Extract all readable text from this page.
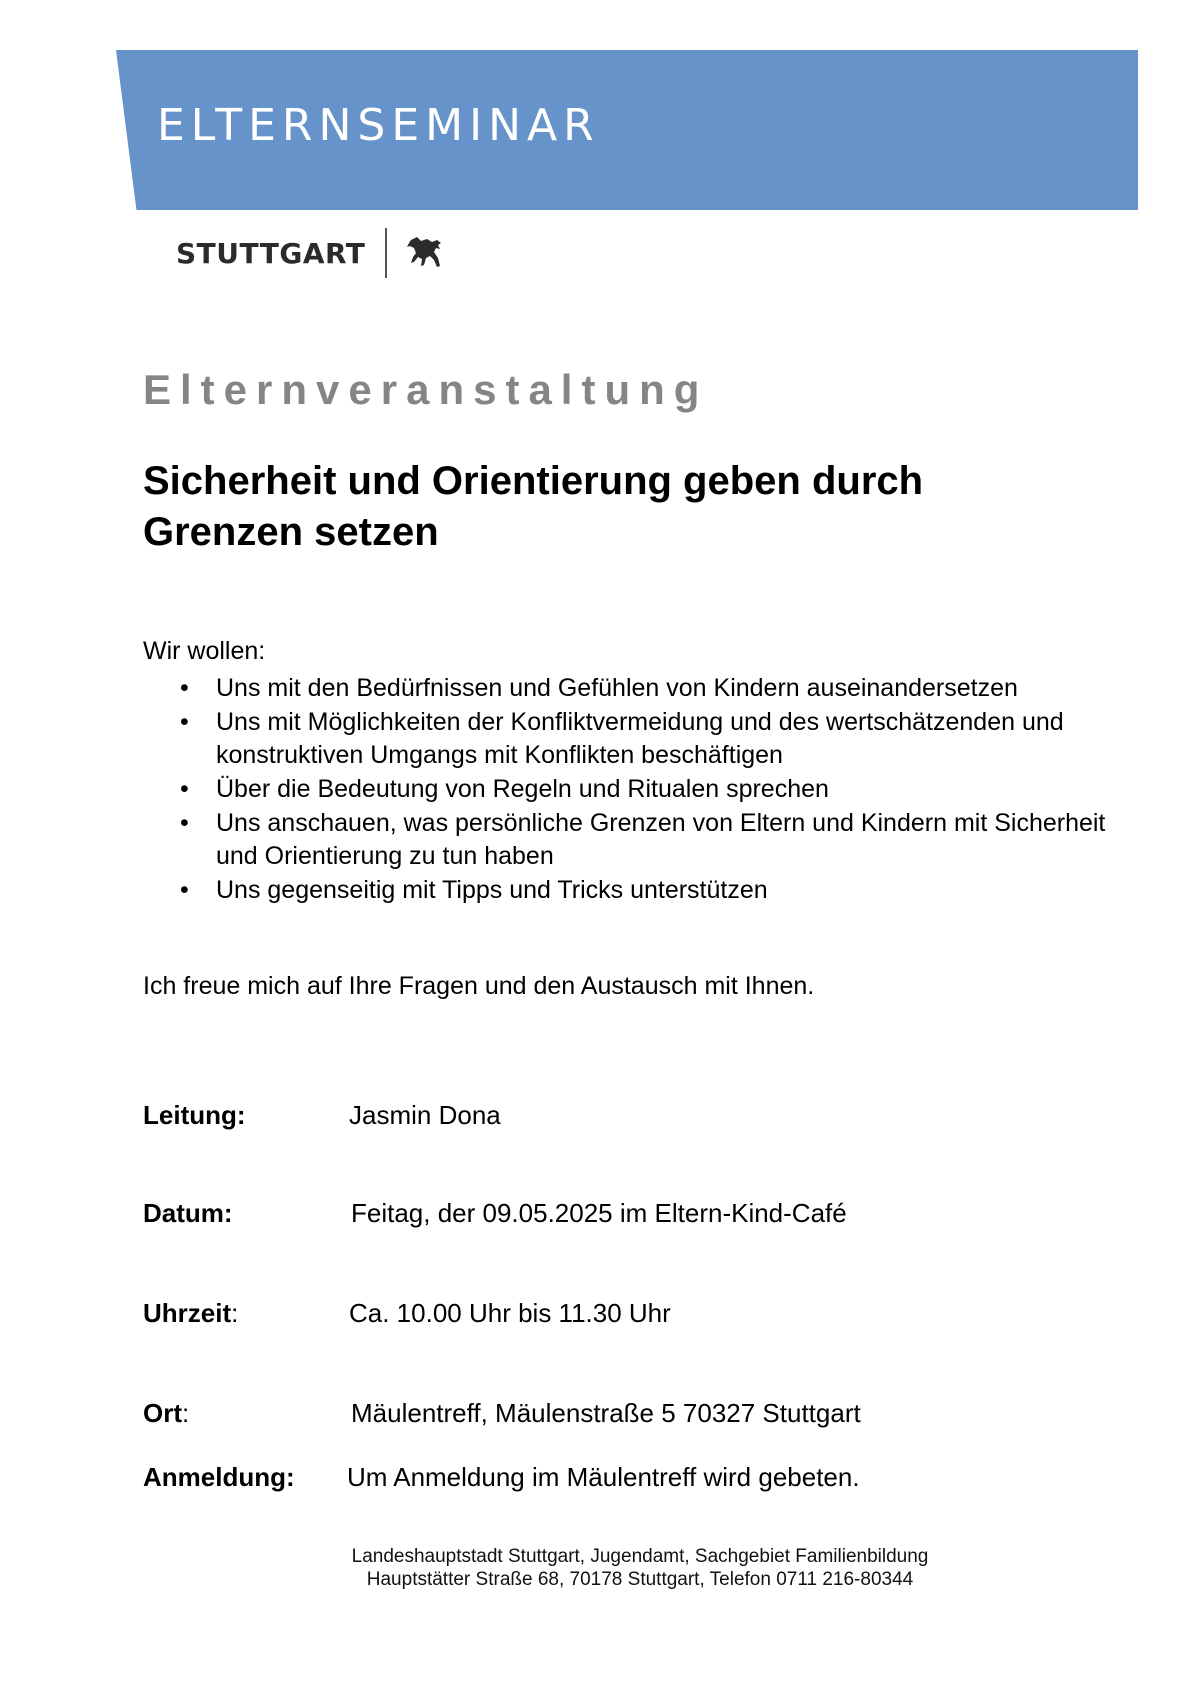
ELTERNSEMINAR
STUTTGART
Elternveranstaltung
Sicherheit und Orientierung geben durch Grenzen setzen
Wir wollen:
• Uns mit den Bedürfnissen und Gefühlen von Kindern auseinandersetzen
• Uns mit Möglichkeiten der Konfliktvermeidung und des wertschätzenden und konstruktiven Umgangs mit Konflikten beschäftigen
• Über die Bedeutung von Regeln und Ritualen sprechen
• Uns anschauen, was persönliche Grenzen von Eltern und Kindern mit Sicherheit und Orientierung zu tun haben
• Uns gegenseitig mit Tipps und Tricks unterstützen
Ich freue mich auf Ihre Fragen und den Austausch mit Ihnen.
Leitung:	Jasmin Dona
Datum:	Feitag, der 09.05.2025 im Eltern-Kind-Café
Uhrzeit:	Ca. 10.00 Uhr bis 11.30 Uhr
Ort:	Mäulentreff, Mäulenstraße 5 70327 Stuttgart
Anmeldung: Um Anmeldung im Mäulentreff wird gebeten.
Landeshauptstadt Stuttgart, Jugendamt, Sachgebiet Familienbildung
Hauptstätter Straße 68, 70178 Stuttgart, Telefon 0711 216-80344
